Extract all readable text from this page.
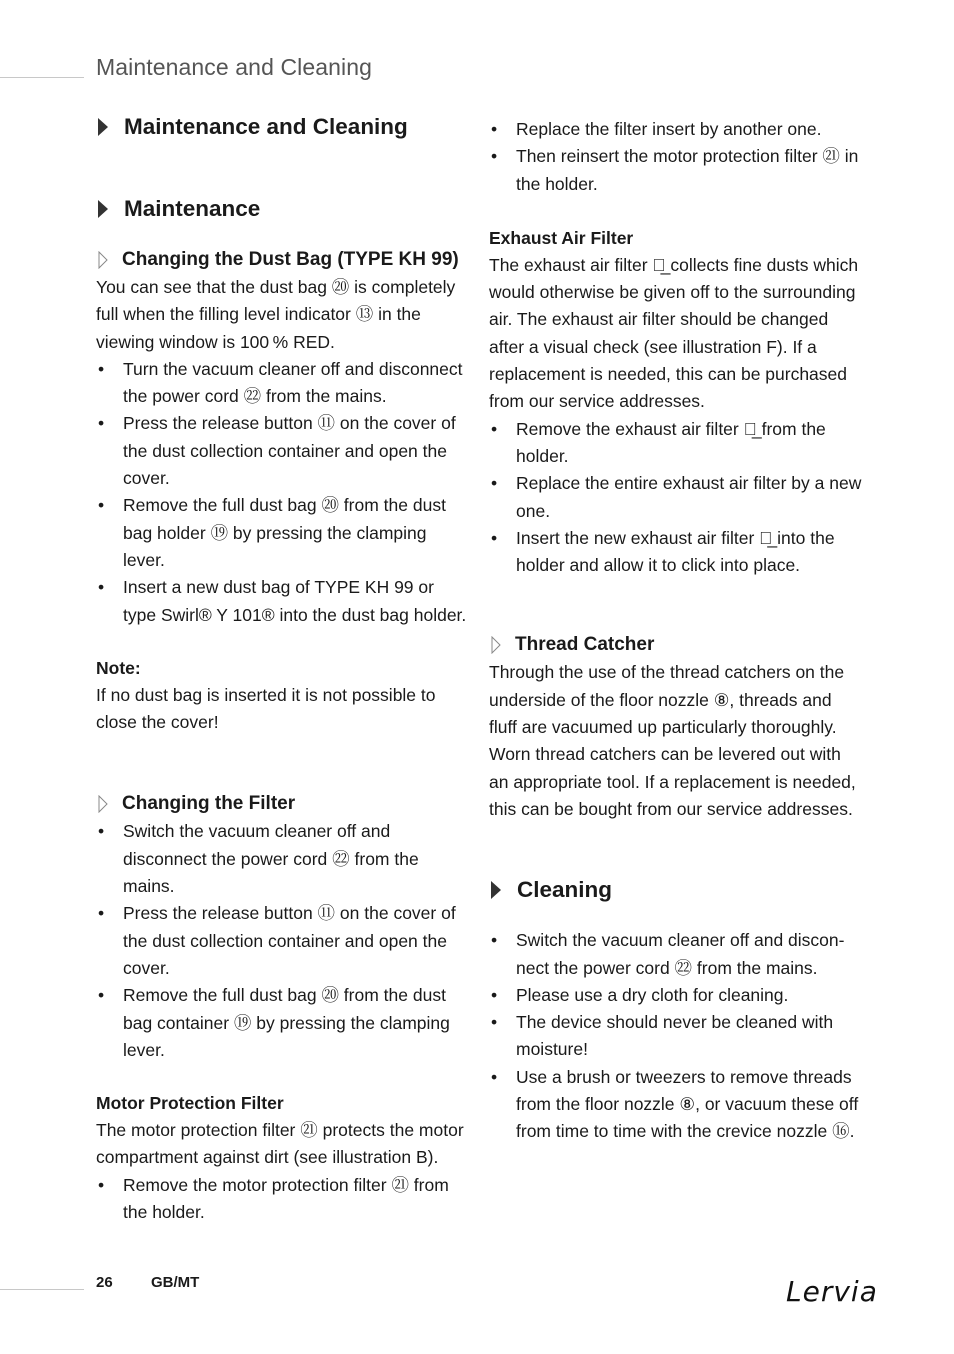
Maintenance and Cleaning
Maintenance and Cleaning
Maintenance
Changing the Dust Bag (TYPE KH 99)

You can see that the dust bag ⑳ is completely full when the filling level indicator ⑬ in the viewing window is 100 % RED.

• Turn the vacuum cleaner off and disconnect the power cord ㉒ from the mains.
• Press the release button ⑪ on the cover of the dust collection container and open the cover.
• Remove the full dust bag ⑳ from the dust bag holder ⑲ by pressing the clamping lever.
• Insert a new dust bag of TYPE KH 99 or type Swirl® Y 101® into the dust bag holder.
Note:

If no dust bag is inserted it is not possible to close the cover!

Changing the Filter
• Switch the vacuum cleaner off and disconnect the power cord ㉒ from the mains.
• Press the release button ⑪ on the cover of the dust collection container and open the cover.
• Remove the full dust bag ⑳ from the dust bag container ⑲ by pressing the clamping lever.
Motor Protection Filter

The motor protection filter ㉑ protects the motor compartment against dirt (see illustration B).

• Remove the motor protection filter ㉑ from the holder.
• Replace the filter insert by another one.
• Then reinsert the motor protection filter ㉑ in the holder.
Exhaust Air Filter

The exhaust air filter ㉑̲ collects fine dusts which would otherwise be given off to the surrounding air. The exhaust air filter should be changed after a visual check (see illustration F). If a replacement is needed, this can be purchased from our service addresses.

• Remove the exhaust air filter ㉒̲ from the holder.
• Replace the entire exhaust air filter by a new one.
• Insert the new exhaust air filter ㉒̲ into the holder and allow it to click into place.
Thread Catcher

Through the use of the thread catchers on the underside of the floor nozzle ⑧, threads and fluff are vacuumed up particularly thoroughly. Worn thread catchers can be levered out with an appropriate tool. If a replacement is needed, this can be bought from our service addresses.

Cleaning
• Switch the vacuum cleaner off and discon-nect the power cord ㉒ from the mains.
• Please use a dry cloth for cleaning.
• The device should never be cleaned with moisture!
• Use a brush or tweezers to remove threads from the floor nozzle ⑧, or vacuum these off from time to time with the crevice nozzle ⑯.
26	GB/MT	Lervia
